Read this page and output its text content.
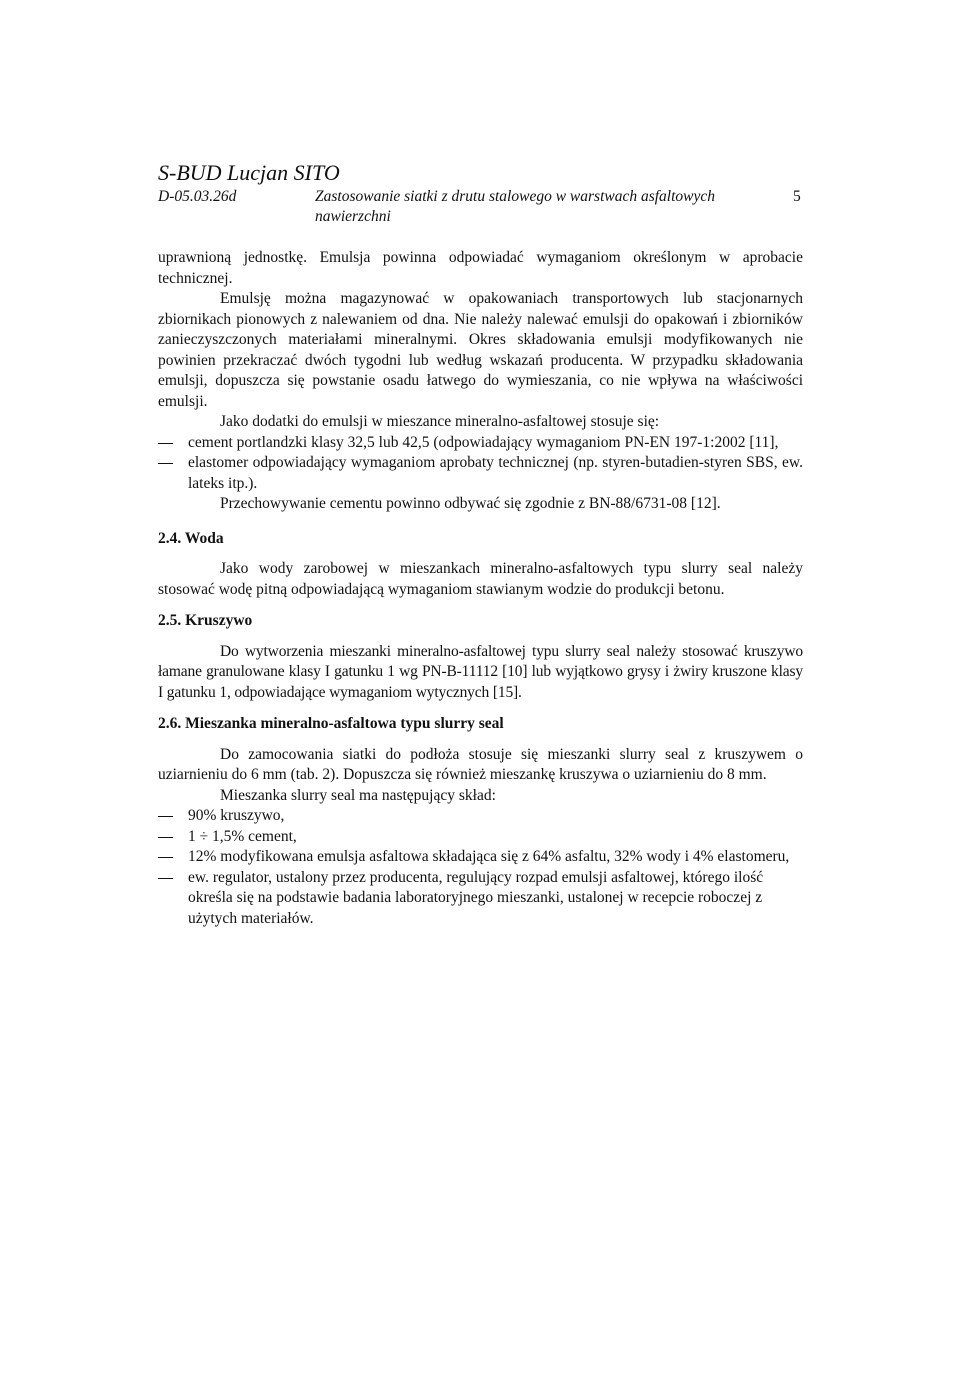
S-BUD Lucjan SITO
D-05.03.26d	Zastosowanie siatki z drutu stalowego w warstwach asfaltowych nawierzchni
5

uprawnioną jednostkę. Emulsja powinna odpowiadać wymaganiom określonym w aprobacie technicznej.

Emulsję można magazynować w opakowaniach transportowych lub stacjonarnych zbiornikach pionowych z nalewaniem od dna. Nie należy nalewać emulsji do opakowań i zbiorników zanieczyszczonych materiałami mineralnymi. Okres składowania emulsji modyfikowanych nie powinien przekraczać dwóch tygodni lub według wskazań producenta. W przypadku składowania emulsji, dopuszcza się powstanie osadu łatwego do wymieszania, co nie wpływa na właściwości emulsji.

Jako dodatki do emulsji w mieszance mineralno-asfaltowej stosuje się:

cement portlandzki klasy 32,5 lub 42,5 (odpowiadający wymaganiom PN-EN 197-1:2002 [11],
elastomer odpowiadający wymaganiom aprobaty technicznej (np. styren-butadien-styren SBS, ew. lateks itp.).

Przechowywanie cementu powinno odbywać się zgodnie z BN-88/6731-08 [12].

2.4. Woda

Jako wody zarobowej w mieszankach mineralno-asfaltowych typu slurry seal należy stosować wodę pitną odpowiadającą wymaganiom stawianym wodzie do produkcji betonu.

2.5. Kruszywo

Do wytworzenia mieszanki mineralno-asfaltowej typu slurry seal należy stosować kruszywo łamane granulowane klasy I gatunku 1 wg PN-B-11112 [10] lub wyjątkowo grysy i żwiry kruszone klasy I gatunku 1, odpowiadające wymaganiom wytycznych [15].

2.6. Mieszanka mineralno-asfaltowa typu slurry seal

Do zamocowania siatki do podłoża stosuje się mieszanki slurry seal z kruszywem o uziarnieniu do 6 mm (tab. 2). Dopuszcza się również mieszankę kruszywa o uziarnieniu do 8 mm.

Mieszanka slurry seal ma następujący skład:

90% kruszywo,
1 ÷ 1,5% cement,
12% modyfikowana emulsja asfaltowa składająca się z 64% asfaltu, 32% wody i 4% elastomeru,
ew. regulator, ustalony przez producenta, regulujący rozpad emulsji asfaltowej, którego ilość określa się na podstawie badania laboratoryjnego mieszanki, ustalonej w recepcie roboczej z użytych materiałów.
